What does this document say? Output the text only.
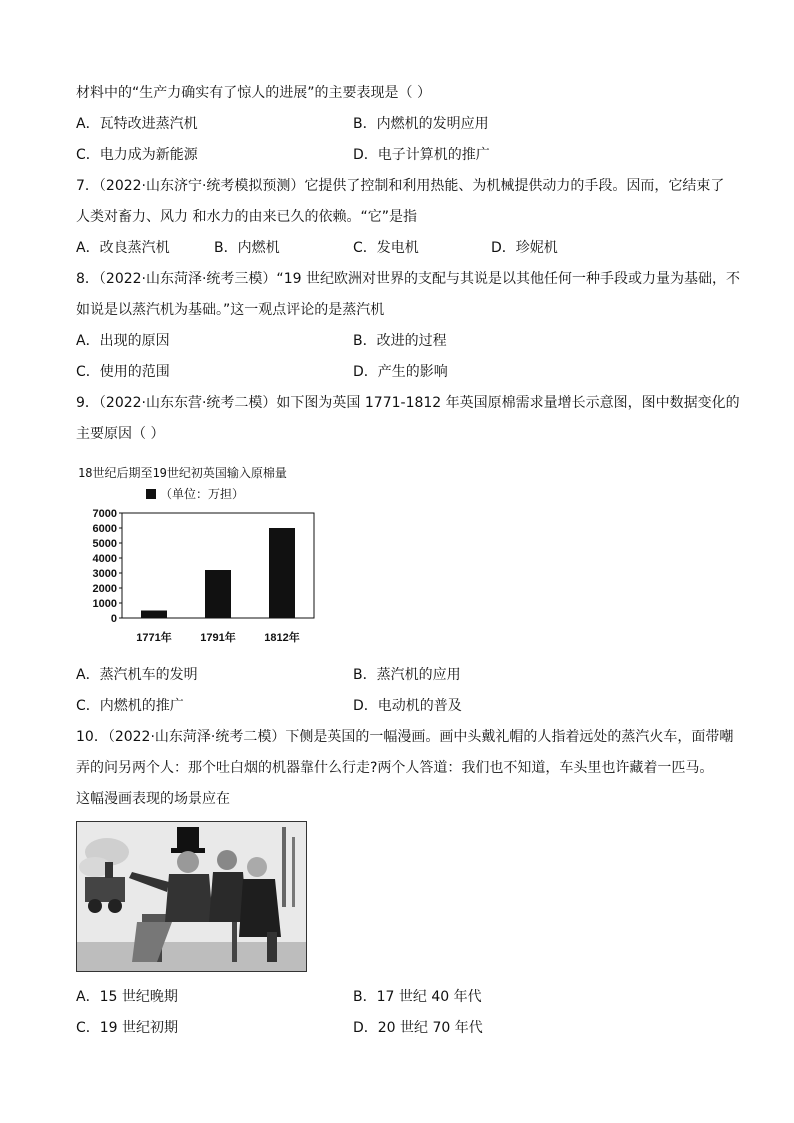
材料中的“生产力确实有了惊人的进展”的主要表现是（ ）
A．瓦特改进蒸汽机	B．内燃机的发明应用
C．电力成为新能源	D．电子计算机的推广
7．（2022·山东济宁·统考模拟预测）它提供了控制和利用热能、为机械提供动力的手段。因而，它结束了
人类对畜力、风力 和水力的由来已久的依赖。“它”是指
A．改良蒸汽机	B．内燃机	C．发电机	D．珍妮机
8．（2022·山东菏泽·统考三模）“19 世纪欧洲对世界的支配与其说是以其他任何一种手段或力量为基础，不
如说是以蒸汽机为基础。”这一观点评论的是蒸汽机
A．出现的原因	B．改进的过程
C．使用的范围	D．产生的影响
9．（2022·山东东营·统考二模）如下图为英国 1771-1812 年英国原棉需求量增长示意图，图中数据变化的
主要原因（ ）
18世纪后期至19世纪初英国输入原棉量
（单位：万担）
0
1000
2000
3000
4000
5000
6000
7000
1771年	1791年	1812年
A．蒸汽机车的发明	B．蒸汽机的应用
C．内燃机的推广	D．电动机的普及
10．（2022·山东菏泽·统考二模）下侧是英国的一幅漫画。画中头戴礼帽的人指着远处的蒸汽火车，面带嘲
弄的问另两个人：那个吐白烟的机器靠什么行走?两个人答道：我们也不知道，车头里也许藏着一匹马。
这幅漫画表现的场景应在
A．15 世纪晚期	B．17 世纪 40 年代
C．19 世纪初期	D．20 世纪 70 年代
